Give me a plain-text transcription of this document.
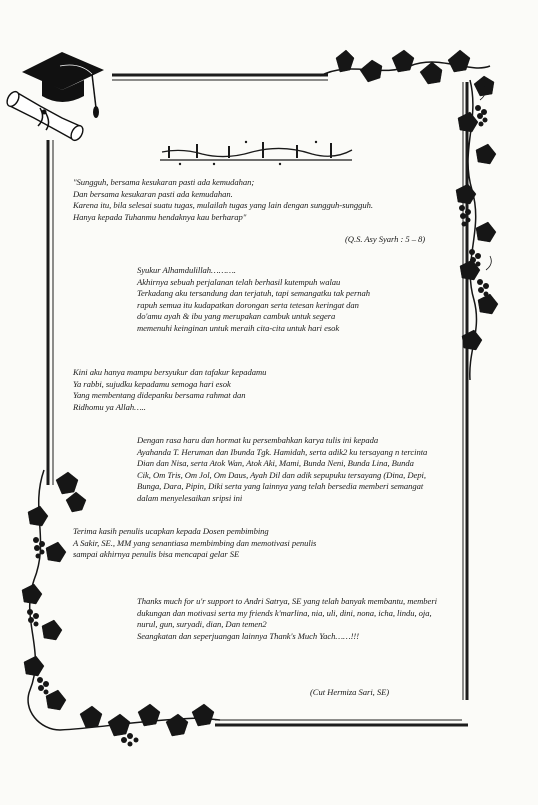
"Sungguh, bersama kesukaran pasti ada kemudahan;
Dan bersama kesukaran pasti ada kemudahan.
Karena itu, bila selesai suatu tugas, mulailah tugas yang lain dengan sungguh-sungguh.
Hanya kepada Tuhanmu hendaknya kau berharap"
(Q.S. Asy Syarh : 5 – 8)
Syukur Alhamdulillah……….
Akhirnya sebuah perjalanan telah berhasil kutempuh walau
Terkadang aku tersandung dan terjatuh, tapi semangatku tak pernah
rapuh semua itu kudapatkan dorongan serta tetesan keringat dan
do'amu ayah & ibu yang merupakan cambuk untuk segera
memenuhi keinginan untuk meraih cita-cita untuk hari esok
Kini aku hanya mampu bersyukur dan tafakur kepadamu
Ya rabbi, sujudku kepadamu semoga hari esok
Yang membentang didepanku bersama rahmat dan
Ridhomu ya Allah…..
Dengan rasa haru dan hormat ku persembahkan karya tulis ini kepada
Ayahanda T. Heruman dan Ibunda Tgk. Hamidah, serta adik2 ku tersayang n tercinta
Dian dan Nisa, serta Atok Wan, Atok Aki, Mami, Bunda Neni, Bunda Lina, Bunda
Cik, Om Tris, Om Jol, Om Daus, Ayah Dil dan adik sepupuku tersayang (Dina, Depi,
Bunga, Dara, Pipin, Diki serta yang lainnya yang telah bersedia memberi semangat
dalam menyelesaikan sripsi ini
Terima kasih penulis ucapkan kepada Dosen pembimbing
A Sakir, SE., MM yang senantiasa membimbing dan memotivasi penulis
sampai akhirnya penulis bisa mencapai gelar SE
Thanks much for u'r support to Andri Satrya, SE yang telah banyak membantu, memberi
dukungan dan motivasi serta my friends k'marlina, nia, uli, dini, nona, icha, lindu, oja,
nurul, gun, suryadi, dian, Dan temen2
Seangkatan dan seperjuangan lainnya Thank's Much Yach……!!!
(Cut Hermiza Sari, SE)
